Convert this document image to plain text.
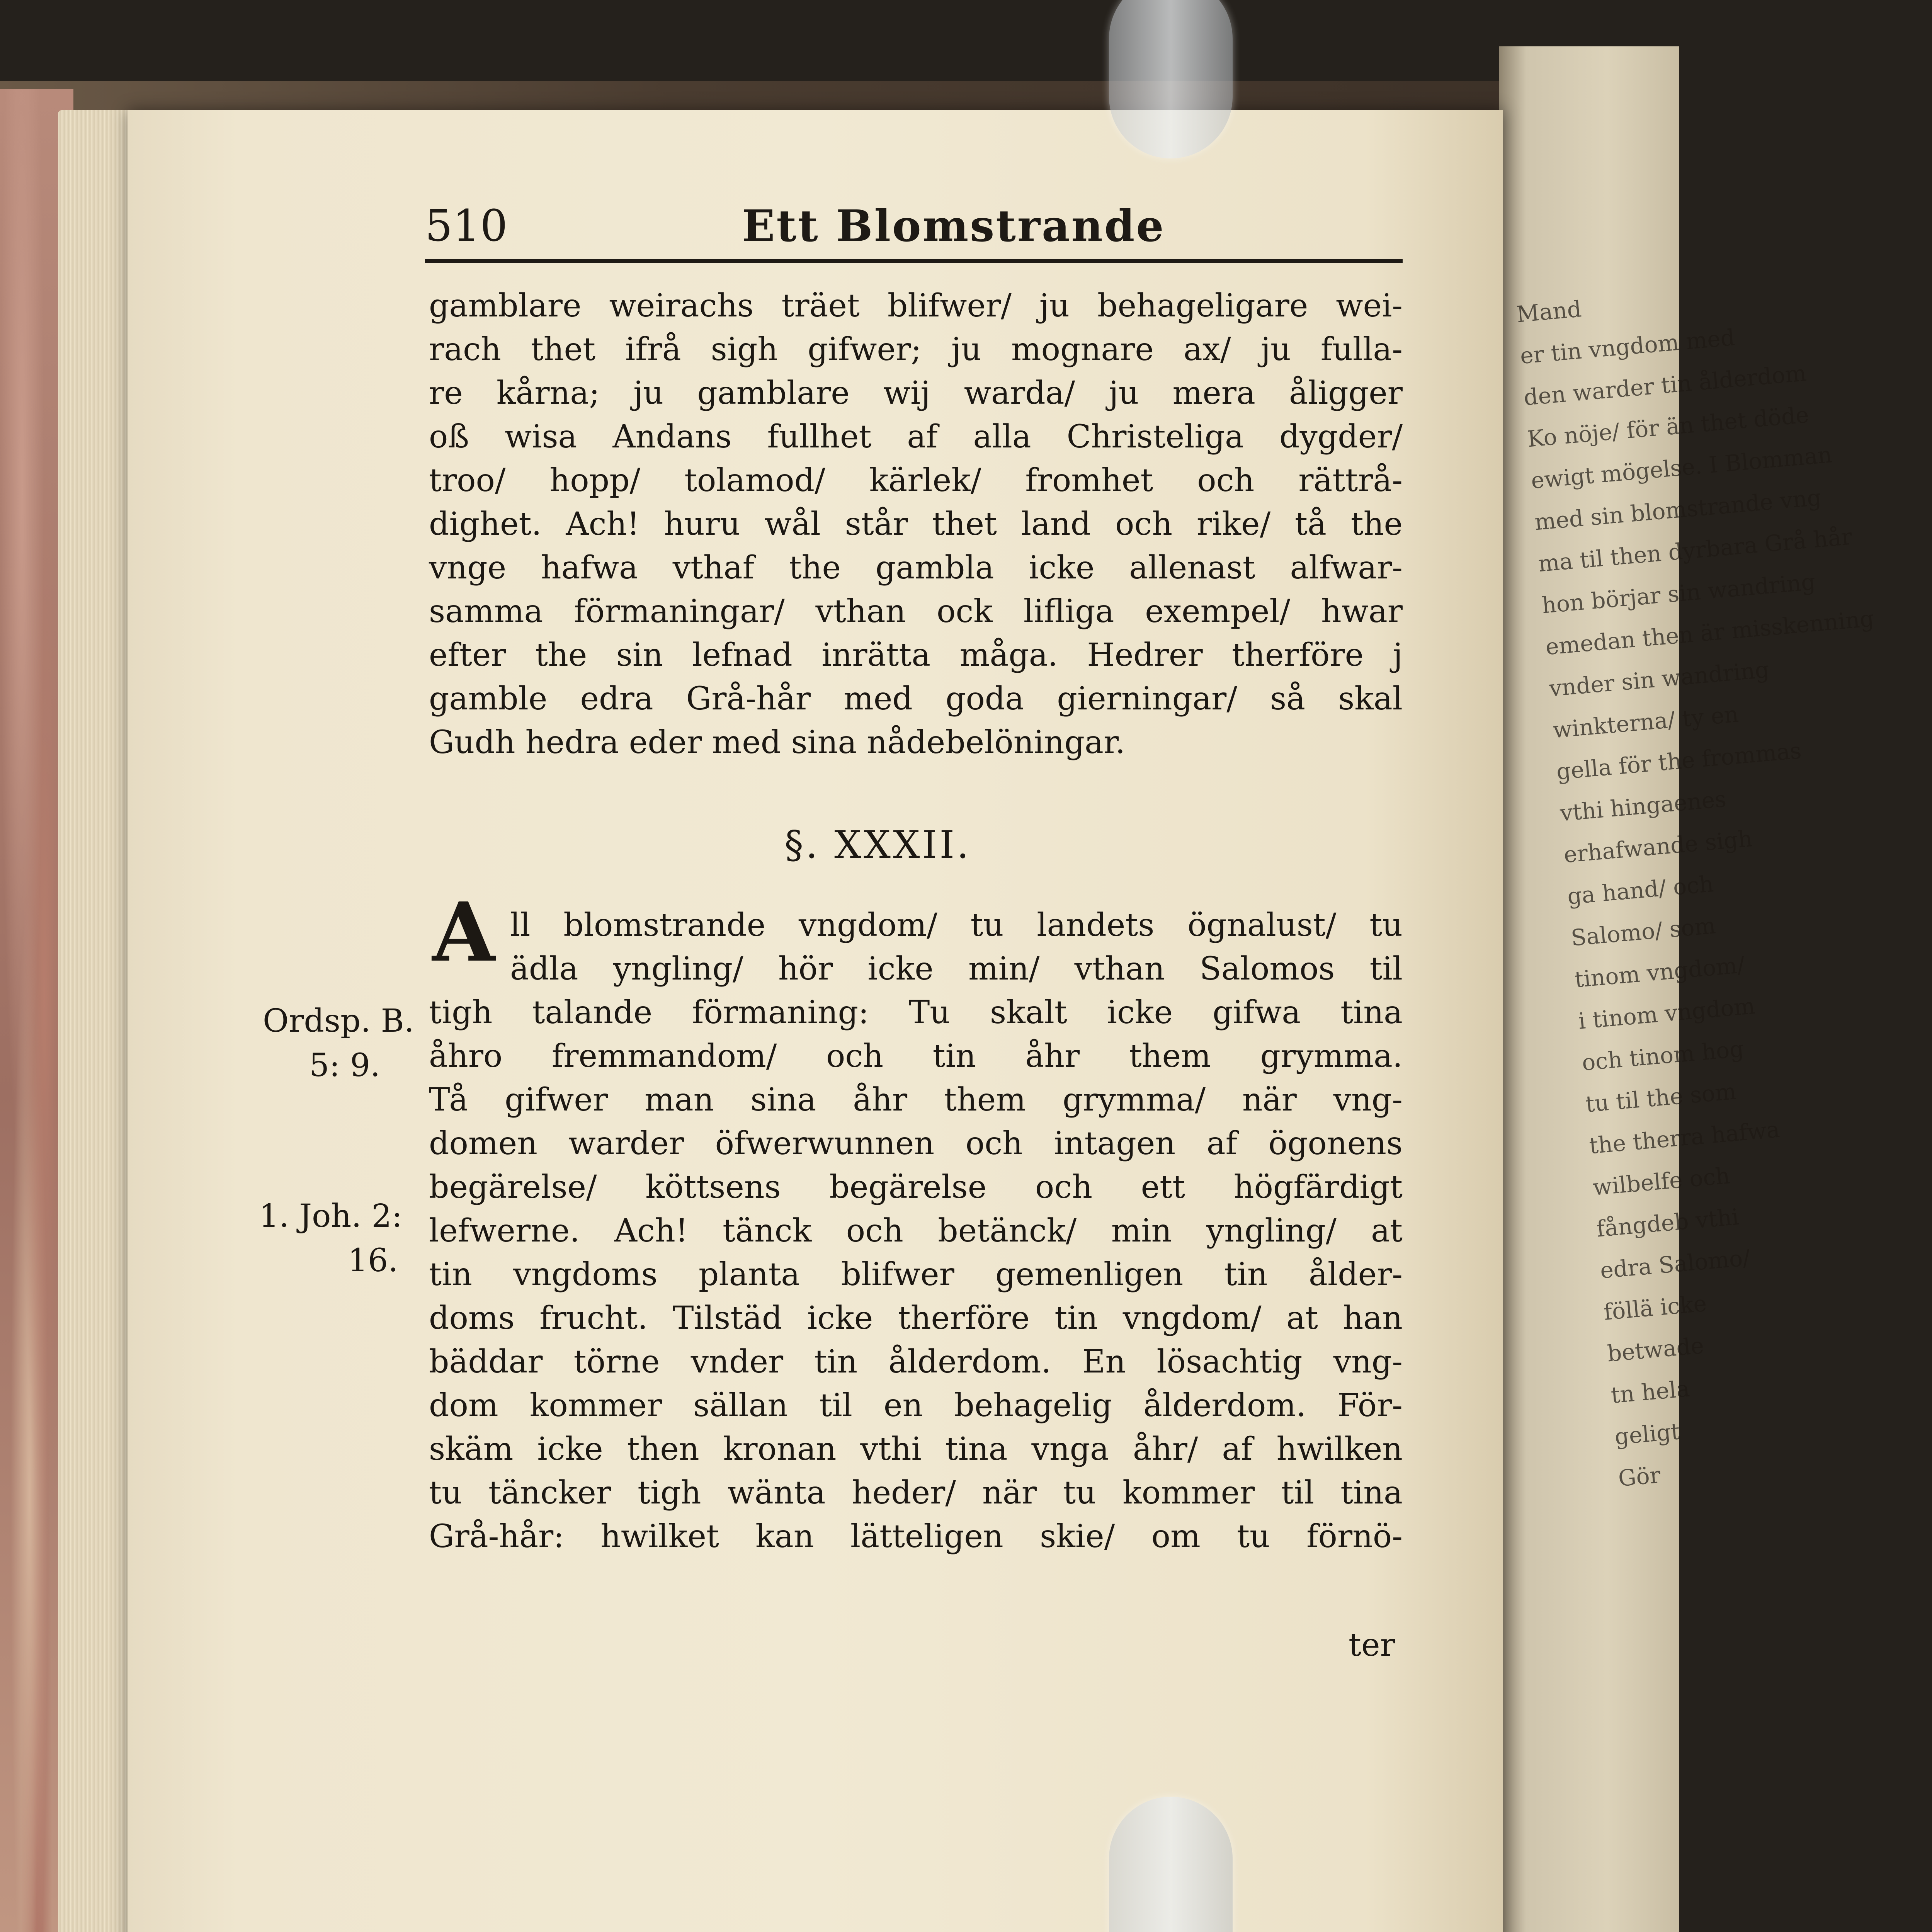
Mand
er tin vngdom med
den warder tin ålderdom
Ko nöje/ för än thet döde
ewigt mögelse. I Blomman
med sin blomstrande vng
ma til then dyrbara Grå hår
hon börjar sin wandring
emedan then är misskenning
vnder sin wandring
winkterna/ ty en
gella för the frommas
vthi hingaenes
erhafwande sigh
ga hand/ och
Salomo/ som
tinom vngdom/
i tinom vngdom
och tinom hog
tu til the som
the therra hafwa
wilbelfe och
fångdeb vthi
edra Salomo/
föllä icke
betwade
tn hela
geligt
Gör
510	Ett Blomstrande
gamblare weirachs träet blifwer/ ju behageligare wei-
rach thet ifrå sigh gifwer; ju mognare ax/ ju fulla-
re kårna; ju gamblare wij warda/ ju mera åligger
oß wisa Andans fullhet af alla Christeliga dygder/
troo/ hopp/ tolamod/ kärlek/ fromhet och rättrå-
dighet. Ach! huru wål står thet land och rike/ tå the
vnge hafwa vthaf the gambla icke allenast alfwar-
samma förmaningar/ vthan ock lifliga exempel/ hwar
efter the sin lefnad inrätta måga. Hedrer therföre j
gamble edra Grå-hår med goda gierningar/ så skal
Gudh hedra eder med sina nådebelöningar.
§. XXXII.
A ll blomstrande vngdom/ tu landets ögnalust/ tu
ädla yngling/ hör icke min/ vthan Salomos til
tigh talande förmaning: Tu skalt icke gifwa tina
åhro fremmandom/ och tin åhr them grymma.
Tå gifwer man sina åhr them grymma/ när vng-
domen warder öfwerwunnen och intagen af ögonens
begärelse/ köttsens begärelse och ett högfärdigt
lefwerne. Ach! tänck och betänck/ min yngling/ at
tin vngdoms planta blifwer gemenligen tin ålder-
doms frucht. Tilstäd icke therföre tin vngdom/ at han
bäddar törne vnder tin ålderdom. En lösachtig vng-
dom kommer sällan til en behagelig ålderdom. För-
skäm icke then kronan vthi tina vnga åhr/ af hwilken
tu täncker tigh wänta heder/ när tu kommer til tina
Grå-hår: hwilket kan lätteligen skie/ om tu förnö-
ter
Ordsp. B.
5: 9.
1. Joh. 2:
16.
